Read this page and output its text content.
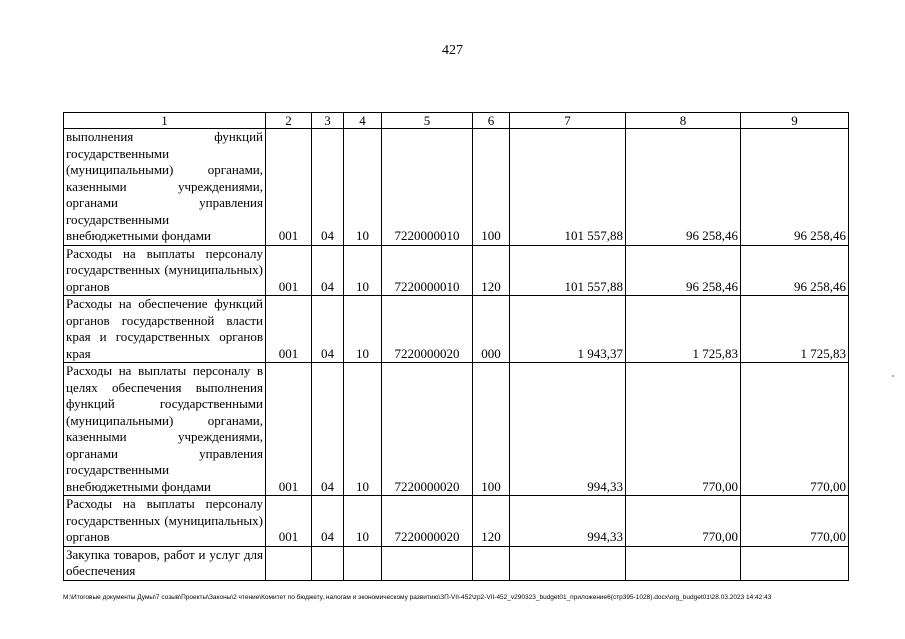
427
1	2	3	4	5	6	7	8	9
выполнения функций государственными (муниципальными) органами, казенными учреждениями, органами управления государственными внебюджетными фондами	001	04	10	7220000010	100	101 557,88	96 258,46	96 258,46
Расходы на выплаты персоналу государственных (муниципальных) органов	001	04	10	7220000010	120	101 557,88	96 258,46	96 258,46
Расходы на обеспечение функций органов государственной власти края и государственных органов края	001	04	10	7220000020	000	1 943,37	1 725,83	1 725,83
Расходы на выплаты персоналу в целях обеспечения выполнения функций государственными (муниципальными) органами, казенными учреждениями, органами управления государственными внебюджетными фондами	001	04	10	7220000020	100	994,33	770,00	770,00
Расходы на выплаты персоналу государственных (муниципальных) органов	001	04	10	7220000020	120	994,33	770,00	770,00
Закупка товаров, работ и услуг для обеспечения								
M:\Итоговые документы Думы\7 созыв\Проекты\Законы\2 чтение\Комитет по бюджету, налогам и экономическому развитию\ЗП-VII-452\zp2-VII-452_v290323_budget01_приложение6(стр395-1028).docx\org_budget01\28.03.2023 14:42:43
